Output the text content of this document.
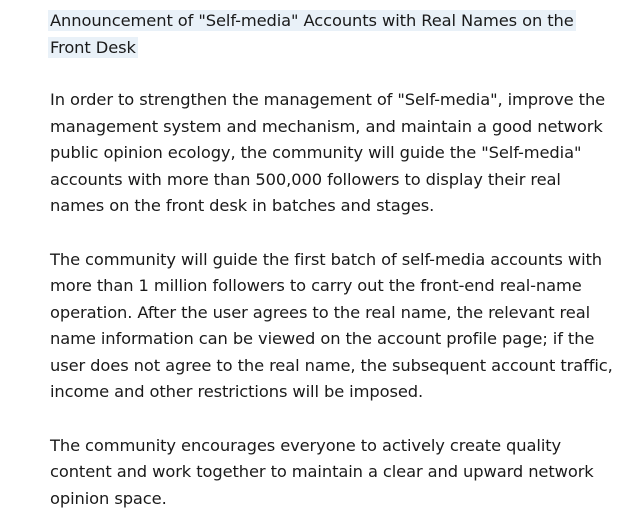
Announcement of "Self-media" Accounts with Real Names on the Front Desk

In order to strengthen the management of "Self-media", improve the management system and mechanism, and maintain a good network public opinion ecology, the community will guide the "Self-media" accounts with more than 500,000 followers to display their real names on the front desk in batches and stages.

The community will guide the first batch of self-media accounts with more than 1 million followers to carry out the front-end real-name operation. After the user agrees to the real name, the relevant real name information can be viewed on the account profile page; if the user does not agree to the real name, the subsequent account traffic, income and other restrictions will be imposed.

The community encourages everyone to actively create quality content and work together to maintain a clear and upward network opinion space.
